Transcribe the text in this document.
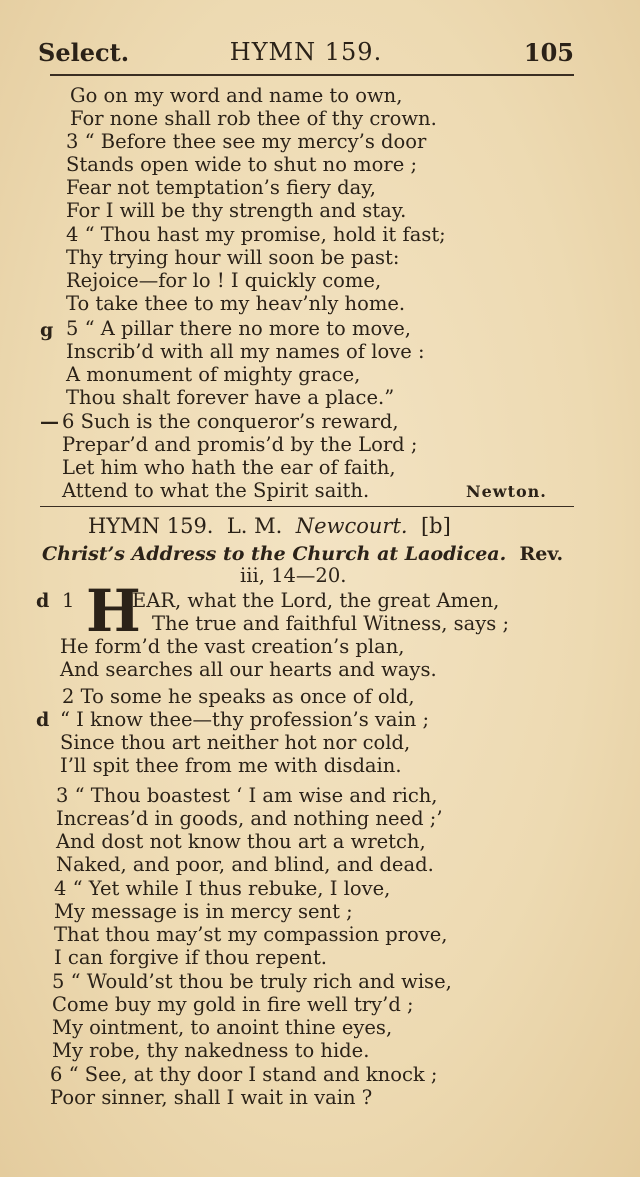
Select.	HYMN 159.	105
Go on my word and name to own,
For none shall rob thee of thy crown.
3 “ Before thee see my mercy’s door
Stands open wide to shut no more ;
Fear not temptation’s fiery day,
For I will be thy strength and stay.
4 “ Thou hast my promise, hold it fast;
Thy trying hour will soon be past:
Rejoice—for lo ! I quickly come,
To take thee to my heav’nly home.
g 5 “ A pillar there no more to move,
Inscrib’d with all my names of love :
A monument of mighty grace,
Thou shalt forever have a place.”
— 6 Such is the conqueror’s reward,
Prepar’d and promis’d by the Lord ;
Let him who hath the ear of faith,
Attend to what the Spirit saith.	Newton.
HYMN 159. L. M. Newcourt. [b]
Christ’s Address to the Church at Laodicea. Rev.
iii, 14—20.
d 1 H
EAR, what the Lord, the great Amen,
The true and faithful Witness, says ;
He form’d the vast creation’s plan,
And searches all our hearts and ways.
2 To some he speaks as once of old,
d “ I know thee—thy profession’s vain ;
Since thou art neither hot nor cold,
I’ll spit thee from me with disdain.
3 “ Thou boastest ‘ I am wise and rich,
Increas’d in goods, and nothing need ;’
And dost not know thou art a wretch,
Naked, and poor, and blind, and dead.
4 “ Yet while I thus rebuke, I love,
My message is in mercy sent ;
That thou may’st my compassion prove,
I can forgive if thou repent.
5 “ Would’st thou be truly rich and wise,
Come buy my gold in fire well try’d ;
My ointment, to anoint thine eyes,
My robe, thy nakedness to hide.
6 “ See, at thy door I stand and knock ;
Poor sinner, shall I wait in vain ?
